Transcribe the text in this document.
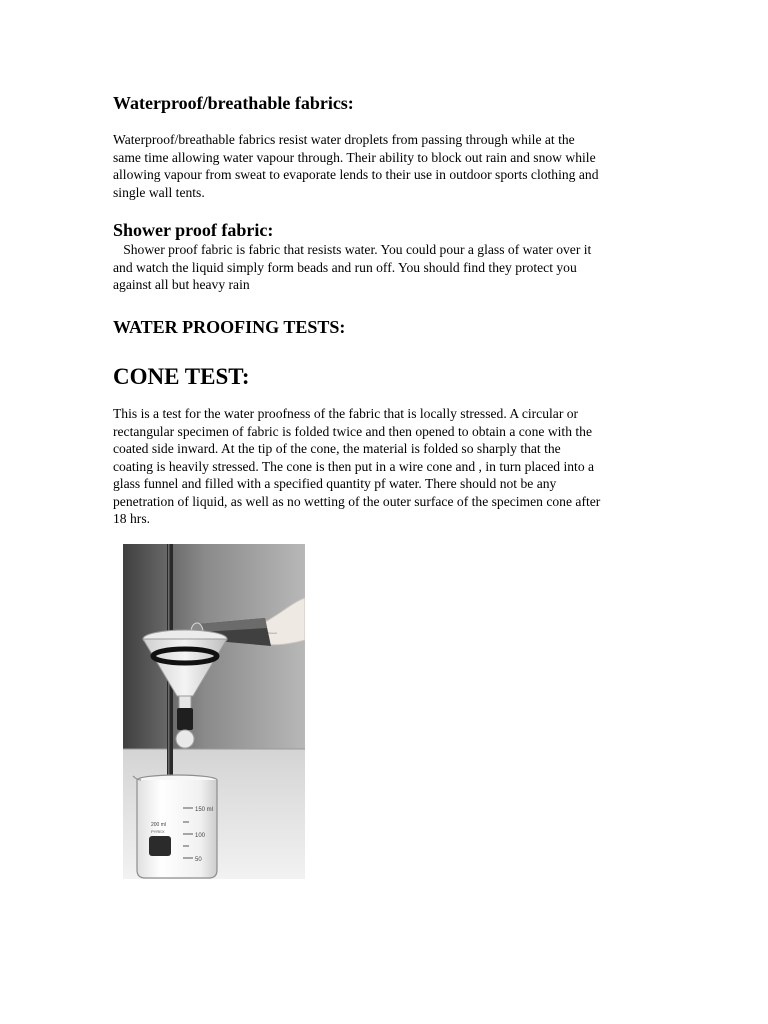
Waterproof/breathable fabrics:

Waterproof/breathable fabrics resist water droplets from passing through while at the
same time allowing water vapour through. Their ability to block out rain and snow while
allowing vapour from sweat to evaporate lends to their use in outdoor sports clothing and
single wall tents.

Shower proof fabric:

Shower proof fabric is fabric that resists water. You could pour a glass of water over it
and watch the liquid simply form beads and run off. You should find they protect you
against all but heavy rain

WATER PROOFING TESTS:
CONE TEST:

This is a test for the water proofness of the fabric that is locally stressed. A circular or
rectangular specimen of fabric is folded twice and then opened to obtain a cone with the
coated side inward. At the tip of the cone, the material is folded so sharply that the
coating is heavily stressed. The cone is then put in a wire cone and , in turn placed into a
glass funnel and filled with a specified quantity pf water. There should not be any
penetration of liquid, as well as no wetting of the outer surface of the specimen cone after
18 hrs.

150 ml
100
50
200 ml
PYREX
